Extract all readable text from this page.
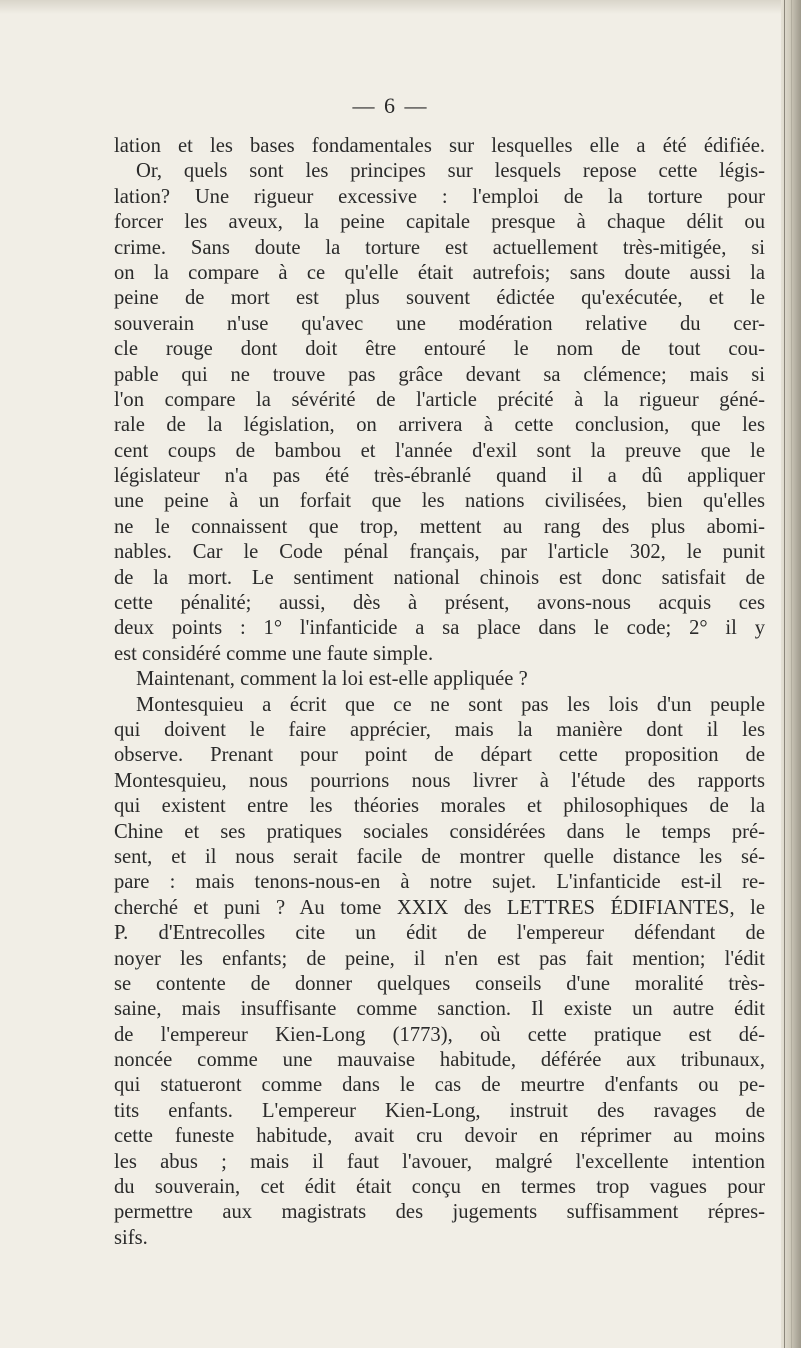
— 6 —
lation et les bases fondamentales sur lesquelles elle a été édifiée.
Or, quels sont les principes sur lesquels repose cette légis-
lation? Une rigueur excessive : l'emploi de la torture pour
forcer les aveux, la peine capitale presque à chaque délit ou
crime. Sans doute la torture est actuellement très-mitigée, si
on la compare à ce qu'elle était autrefois; sans doute aussi la
peine de mort est plus souvent édictée qu'exécutée, et le
souverain n'use qu'avec une modération relative du cer-
cle rouge dont doit être entouré le nom de tout cou-
pable qui ne trouve pas grâce devant sa clémence; mais si
l'on compare la sévérité de l'article précité à la rigueur géné-
rale de la législation, on arrivera à cette conclusion, que les
cent coups de bambou et l'année d'exil sont la preuve que le
législateur n'a pas été très-ébranlé quand il a dû appliquer
une peine à un forfait que les nations civilisées, bien qu'elles
ne le connaissent que trop, mettent au rang des plus abomi-
nables. Car le Code pénal français, par l'article 302, le punit
de la mort. Le sentiment national chinois est donc satisfait de
cette pénalité; aussi, dès à présent, avons-nous acquis ces
deux points : 1° l'infanticide a sa place dans le code; 2° il y
est considéré comme une faute simple.
Maintenant, comment la loi est-elle appliquée ?
Montesquieu a écrit que ce ne sont pas les lois d'un peuple
qui doivent le faire apprécier, mais la manière dont il les
observe. Prenant pour point de départ cette proposition de
Montesquieu, nous pourrions nous livrer à l'étude des rapports
qui existent entre les théories morales et philosophiques de la
Chine et ses pratiques sociales considérées dans le temps pré-
sent, et il nous serait facile de montrer quelle distance les sé-
pare : mais tenons-nous-en à notre sujet. L'infanticide est-il re-
cherché et puni ? Au tome XXIX des LETTRES ÉDIFIANTES, le
P. d'Entrecolles cite un édit de l'empereur défendant de
noyer les enfants; de peine, il n'en est pas fait mention; l'édit
se contente de donner quelques conseils d'une moralité très-
saine, mais insuffisante comme sanction. Il existe un autre édit
de l'empereur Kien-Long (1773), où cette pratique est dé-
noncée comme une mauvaise habitude, déférée aux tribunaux,
qui statueront comme dans le cas de meurtre d'enfants ou pe-
tits enfants. L'empereur Kien-Long, instruit des ravages de
cette funeste habitude, avait cru devoir en réprimer au moins
les abus ; mais il faut l'avouer, malgré l'excellente intention
du souverain, cet édit était conçu en termes trop vagues pour
permettre aux magistrats des jugements suffisamment répres-
sifs.
